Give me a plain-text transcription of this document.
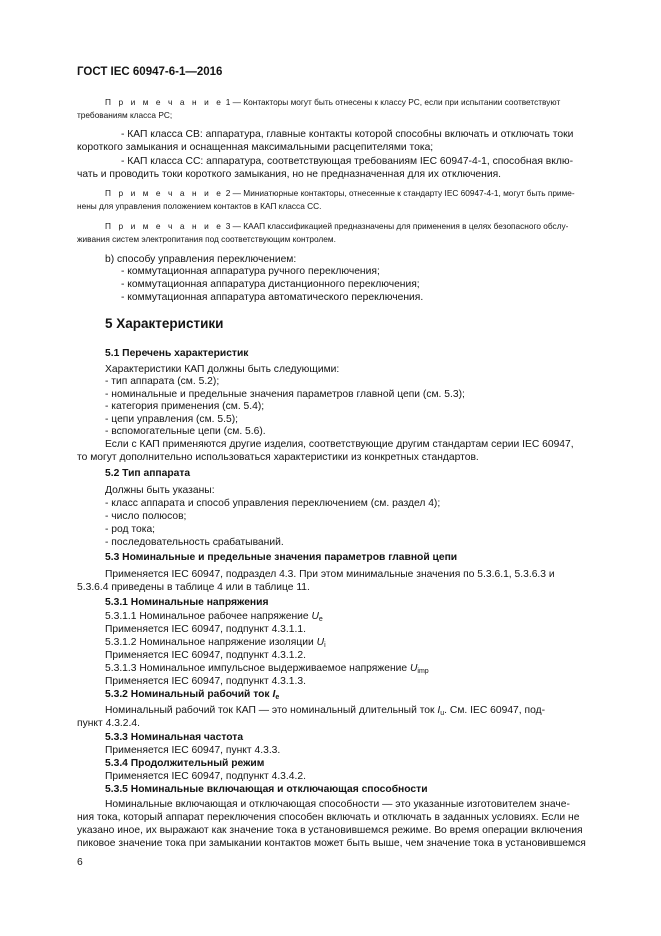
ГОСТ IEC 60947-6-1—2016
П р и м е ч а н и е 1 — Контакторы могут быть отнесены к классу PC, если при испытании соответствуют
требованиям класса PC;
- КАП класса СВ: аппаратура, главные контакты которой способны включать и отключать токи
короткого замыкания и оснащенная максимальными расцепителями тока;
- КАП класса СС: аппаратура, соответствующая требованиям IEC 60947-4-1, способная вклю-
чать и проводить токи короткого замыкания, но не предназначенная для их отключения.
П р и м е ч а н и е 2 — Миниатюрные контакторы, отнесенные к стандарту IEC 60947-4-1, могут быть приме-
нены для управления положением контактов в КАП класса СС.
П р и м е ч а н и е 3 — КААП классификацией предназначены для применения в целях безопасного обслу-
живания систем электропитания под соответствующим контролем.
b) способу управления переключением:
- коммутационная аппаратура ручного переключения;
- коммутационная аппаратура дистанционного переключения;
- коммутационная аппаратура автоматического переключения.
5 Характеристики
5.1 Перечень характеристик
Характеристики КАП должны быть следующими:
- тип аппарата (см. 5.2);
- номинальные и предельные значения параметров главной цепи (см. 5.3);
- категория применения (см. 5.4);
- цепи управления (см. 5.5);
- вспомогательные цепи (см. 5.6).
Если с КАП применяются другие изделия, соответствующие другим стандартам серии IEC 60947,
то могут дополнительно использоваться характеристики из конкретных стандартов.
5.2 Тип аппарата
Должны быть указаны:
- класс аппарата и способ управления переключением (см. раздел 4);
- число полюсов;
- род тока;
- последовательность срабатываний.
5.3 Номинальные и предельные значения параметров главной цепи
Применяется IEC 60947, подраздел 4.3. При этом минимальные значения по 5.3.6.1, 5.3.6.3 и
5.3.6.4 приведены в таблице 4 или в таблице 11.
5.3.1 Номинальные напряжения
5.3.1.1 Номинальное рабочее напряжение $U_e$
Применяется IEC 60947, подпункт 4.3.1.1.
5.3.1.2 Номинальное напряжение изоляции $U_i$
Применяется IEC 60947, подпункт 4.3.1.2.
5.3.1.3 Номинальное импульсное выдерживаемое напряжение $U_{imp}$
Применяется IEC 60947, подпункт 4.3.1.3.
5.3.2 Номинальный рабочий ток $I_e$
Номинальный рабочий ток КАП — это номинальный длительный ток $I_u$. См. IEC 60947, под-
пункт 4.3.2.4.
5.3.3 Номинальная частота
Применяется IEC 60947, пункт 4.3.3.
5.3.4 Продолжительный режим
Применяется IEC 60947, подпункт 4.3.4.2.
5.3.5 Номинальные включающая и отключающая способности
Номинальные включающая и отключающая способности — это указанные изготовителем значе-
ния тока, который аппарат переключения способен включать и отключать в заданных условиях. Если не
указано иное, их выражают как значение тока в установившемся режиме. Во время операции включения
пиковое значение тока при замыкании контактов может быть выше, чем значение тока в установившемся
6
